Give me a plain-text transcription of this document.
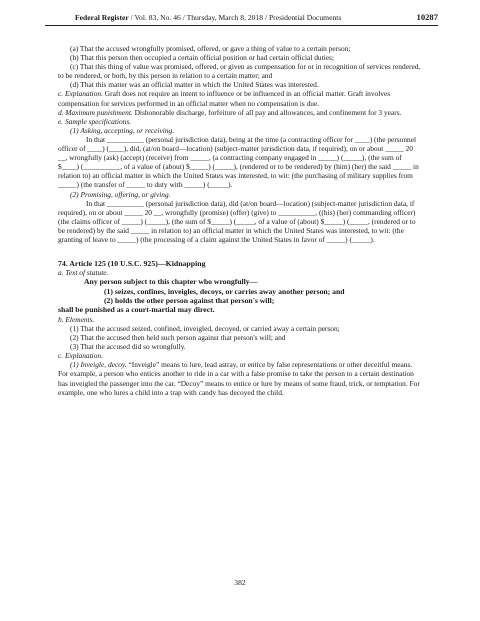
Federal Register / Vol. 83, No. 46 / Thursday, March 8, 2018 / Presidential Documents	10287

(a) That the accused wrongfully promised, offered, or gave a thing of value to a certain person;

(b) That this person then occupied a certain official position or had certain official duties;

(c) That this thing of value was promised, offered, or given as compensation for or in recognition of services rendered, to be rendered, or both, by this person in relation to a certain matter; and

(d) That this matter was an official matter in which the United States was interested.

c. Explanation. Graft does not require an intent to influence or be influenced in an official matter. Graft involves compensation for services performed in an official matter when no compensation is due.

d. Maximum punishment. Dishonorable discharge, forfeiture of all pay and allowances, and confinement for 3 years.

e. Sample specifications.

(1) Asking, accepting, or receiving.

In that __________ (personal jurisdiction data), being at the time (a contracting officer for ____) (the personnel officer of ____) (____), did, (at/on board—location) (subject-matter jurisdiction data, if required), on or about _____ 20 __, wrongfully (ask) (accept) (receive) from _____, (a contracting company engaged in _____) (_____), (the sum of $____) (__________, of a value of (about) $_____) (_____), (rendered or to be rendered) by (him) (her) the said _____ in relation to) an official matter in which the United States was interested, to wit: (the purchasing of military supplies from _____) (the transfer of _____ to duty with _____) (_____).

(2) Promising, offering, or giving.

In that __________ (personal jurisdiction data), did (at/on board—location) (subject-matter jurisdiction data, if required), on or about _____ 20 __, wrongfully (promise) (offer) (give) to __________, ((his) (her) commanding officer) (the claims officer of _____) (_____), (the sum of $_____) (_____, of a value of (about) $_____) (_____, (rendered or to be rendered) by the said _____ in relation to) an official matter in which the United States was interested, to wit: (the granting of leave to _____) (the processing of a claim against the United States in favor of _____) (_____).

74. Article 125 (10 U.S.C. 925)—Kidnapping

a. Text of statute.

Any person subject to this chapter who wrongfully—

(1) seizes, confines, inveigles, decoys, or carries away another person; and

(2) holds the other person against that person's will;

shall be punished as a court-martial may direct.

b. Elements.

(1) That the accused seized, confined, inveigled, decoyed, or carried away a certain person;

(2) That the accused then held such person against that person's will; and

(3) That the accused did so wrongfully.

c. Explanation.

(1) Inveigle, decoy. “Inveigle” means to lure, lead astray, or entice by false representations or other deceitful means. For example, a person who entices another to ride in a car with a false promise to take the person to a certain destination has inveigled the passenger into the car. “Decoy” means to entice or lure by means of some fraud, trick, or temptation. For example, one who lures a child into a trap with candy has decoyed the child.

382
